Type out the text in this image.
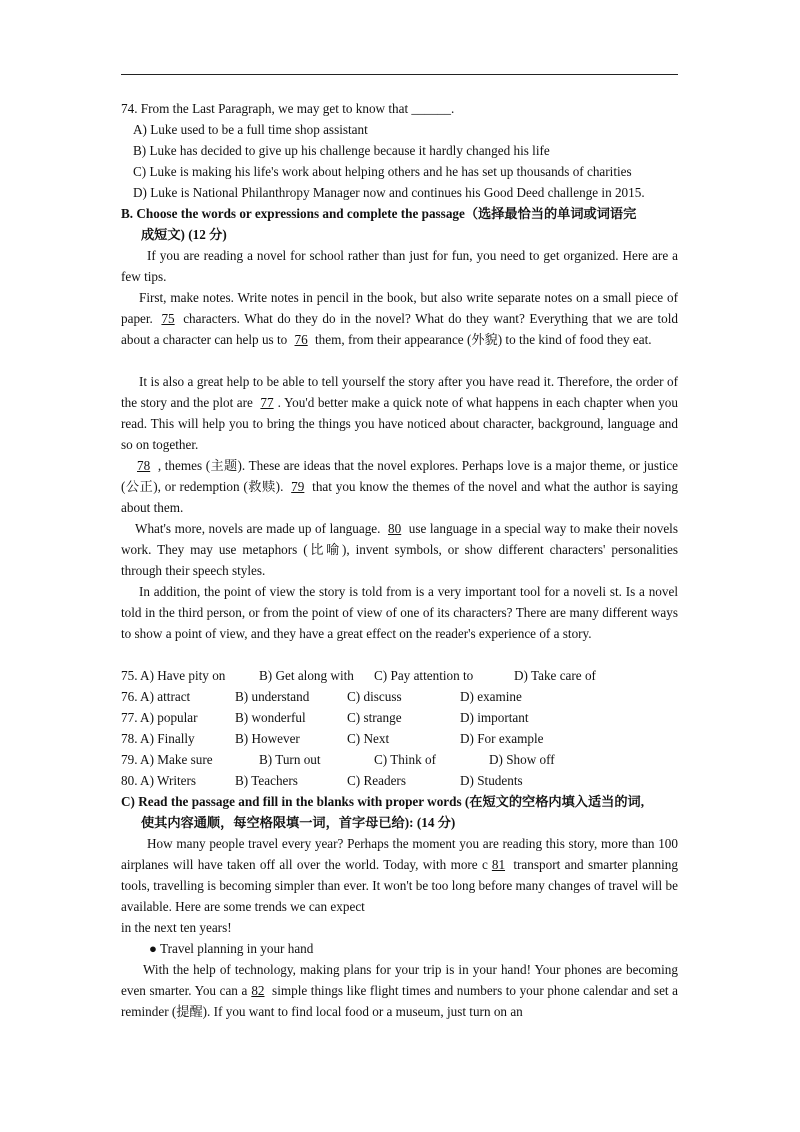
74. From the Last Paragraph, we may get to know that ______.
A) Luke used to be a full time shop assistant
B) Luke has decided to give up his challenge because it hardly changed his life
C) Luke is making his life's work about helping others and he has set up thousands of charities
D) Luke is National Philanthropy Manager now and continues his Good Deed challenge in 2015.
B. Choose the words or expressions and complete the passage（选择最恰当的单词或词语完
成短文) (12 分)

If you are reading a novel for school rather than just for fun, you need to get organized. Here are a few tips.

First, make notes. Write notes in pencil in the book, but also write separate notes on a small piece of paper. 75 characters. What do they do in the novel? What do they want? Everything that we are told about a character can help us to 76 them, from their appearance (外貌) to the kind of food they eat.

It is also a great help to be able to tell yourself the story after you have read it. Therefore, the order of the story and the plot are 77 . You'd better make a quick note of what happens in each chapter when you read. This will help you to bring the things you have noticed about character, background, language and so on together.

78 , themes (主题). These are ideas that the novel explores. Perhaps love is a major theme, or justice (公正), or redemption (救赎). 79 that you know the themes of the novel and what the author is saying about them.

What's more, novels are made up of language. 80 use language in a special way to make their novels work. They may use metaphors (比喻), invent symbols, or show different characters' personalities through their speech styles.

In addition, the point of view the story is told from is a very important tool for a noveli st. Is a novel told in the third person, or from the point of view of one of its characters? There are many different ways to show a point of view, and they have a great effect on the reader's experience of a story.

75. A) Have pity on	B) Get along with	C) Pay attention to	D) Take care of
76. A) attract	B) understand	C) discuss	D) examine
77. A) popular	B) wonderful	C) strange	D) important
78. A) Finally	B) However	C) Next	D) For example
79. A) Make sure	B) Turn out	C) Think of	D) Show off
80. A) Writers	B) Teachers	C) Readers	D) Students
C) Read the passage and fill in the blanks with proper words (在短文的空格内填入适当的词,
使其内容通顺，每空格限填一词，首字母已给): (14 分)

How many people travel every year? Perhaps the moment you are reading this story, more than 100 airplanes will have taken off all over the world. Today, with more c 81 transport and smarter planning tools, travelling is becoming simpler than ever. It won't be too long before many changes of travel will be available. Here are some trends we can expect

in the next ten years!
● Travel planning in your hand

With the help of technology, making plans for your trip is in your hand! Your phones are becoming even smarter. You can a 82 simple things like flight times and numbers to your phone calendar and set a reminder (提醒). If you want to find local food or a museum, just turn on an
